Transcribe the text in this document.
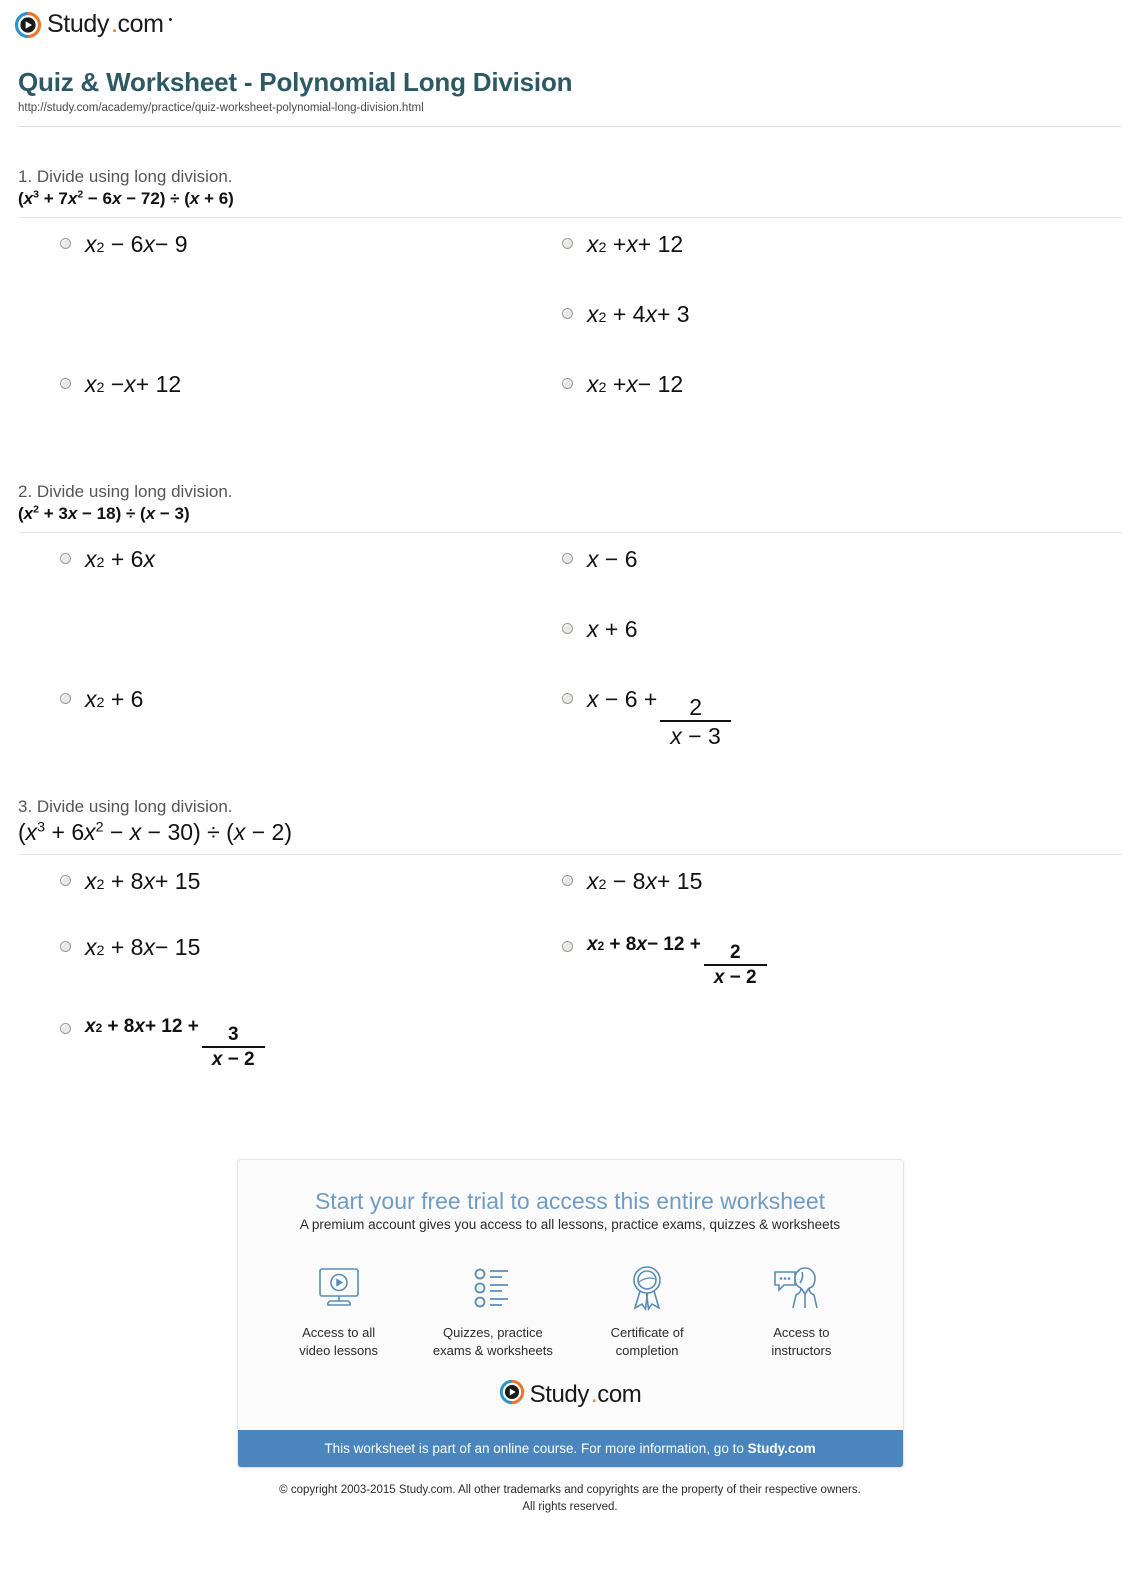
Study .com •
Quiz & Worksheet - Polynomial Long Division

http://study.com/academy/practice/quiz-worksheet-polynomial-long-division.html

1. Divide using long division.

$(x^3 + 7x^2 - 6x - 72) \div (x + 6)$

x 2 − 6 x − 9	x 2 + x + 12
x 2 + 4 x + 3
x 2 − x + 12	x 2 + x − 12

2. Divide using long division.

$(x^2 + 3x - 18) \div (x - 3)$

x 2 + 6 x	x − 6
x + 6
x 2 + 6	$x - 6 + \frac{2}{x - 3}$

3. Divide using long division.

$(x^3 + 6x^2 - x - 30) \div (x - 2)$

x 2 + 8 x + 15	x 2 − 8 x + 15
x 2 + 8 x − 15	x 2 + 8 $x - 12 + \frac{2}{x - 2}$
x 2 + 8 $x + 12 + \frac{3}{x - 2}$
Start your free trial to access this entire worksheet

A premium account gives you access to all lessons, practice exams, quizzes & worksheets

Access to all
video lessons
Quizzes, practice
exams & worksheets
Certificate of
completion
Access to
instructors
Study .com
This worksheet is part of an online course. For more information, go to Study.com
© copyright 2003-2015 Study.com. All other trademarks and copyrights are the property of their respective owners.
All rights reserved.
